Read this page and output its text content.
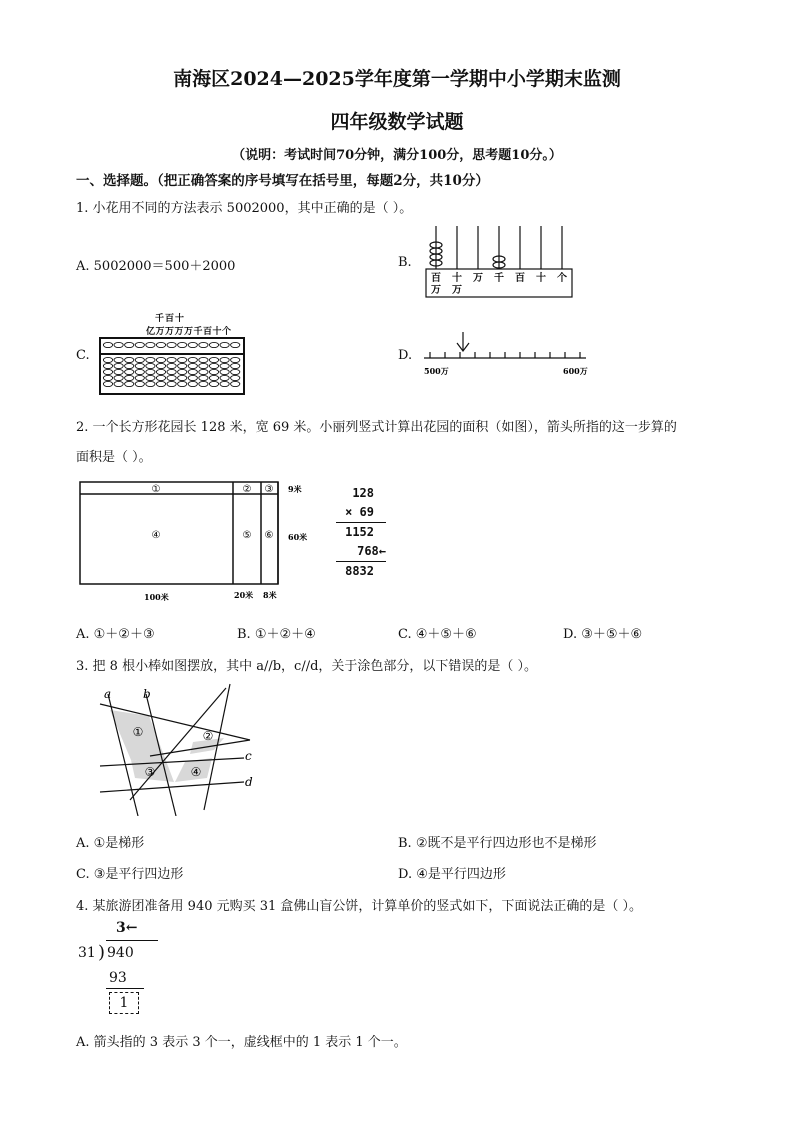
南海区2024—2025学年度第一学期中小学期末监测
四年级数学试题
（说明：考试时间70分钟，满分100分，思考题10分。）
一、选择题。（把正确答案的序号填写在括号里，每题2分，共10分）
1. 小花用不同的方法表示 5002000，其中正确的是（ ）。
A. 5002000＝500＋2000	B.
百
万
十
万
万 千 百 十 个
C.
千百十
亿万万万万千百十个
D.
500万	600万
2. 一个长方形花园长 128 米，宽 69 米。小丽列竖式计算出花园的面积（如图），箭头所指的这一步算的
面积是（ ）。
①	② ③
④	⑤ ⑥
9米
60米
100米	20米 8米
128
× 69
1152
768←
8832
A. ①＋②＋③	B. ①＋②＋④	C. ④＋⑤＋⑥	D. ③＋⑤＋⑥
3. 把 8 根小棒如图摆放，其中 a//b，c//d，关于涂色部分，以下错误的是（ ）。
a	b
c
d
①	②
③	④
A. ①是梯形	B. ②既不是平行四边形也不是梯形
C. ③是平行四边形	D. ④是平行四边形
4. 某旅游团准备用 940 元购买 31 盒佛山盲公饼，计算单价的竖式如下，下面说法正确的是（ ）。
3←
31 ) 940
93
1
A. 箭头指的 3 表示 3 个一，虚线框中的 1 表示 1 个一。
